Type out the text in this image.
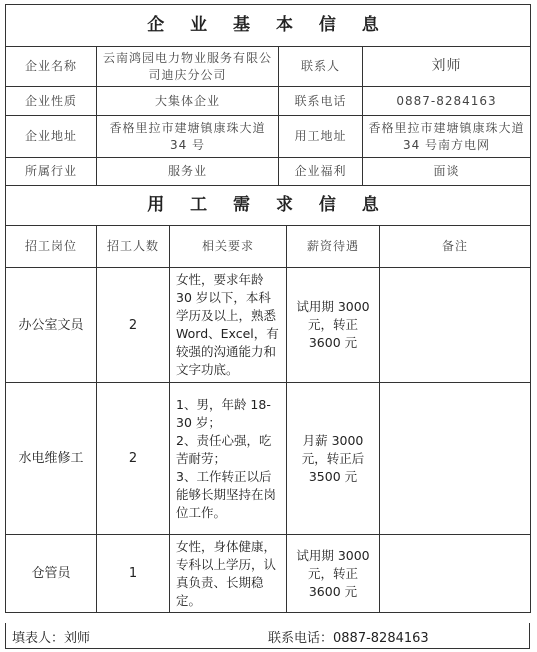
企 业 基 本 信 息			
企业名称	云南鸿园电力物业服务有限公司迪庆分公司	联系人	刘师
企业性质	大集体企业	联系电话	0887-8284163
企业地址	香格里拉市建塘镇康珠大道 34 号	用工地址	香格里拉市建塘镇康珠大道 34 号南方电网
所属行业	服务业	企业福利	面谈
用 工 需 求 信 息			
招工岗位	招工人数	相关要求	薪资待遇	备注
办公室文员	2	女性，要求年龄 30 岁以下，本科学历及以上，熟悉 Word、Excel，有较强的沟通能力和文字功底。	试用期 3000 元，转正 3600 元	
水电维修工	2	1、男，年龄 18-30 岁；
2、责任心强，吃苦耐劳；
3、工作转正以后能够长期坚持在岗位工作。	月薪 3000 元，转正后 3500 元	
仓管员	1	女性，身体健康，专科以上学历，认真负责、长期稳定。	试用期 3000 元，转正 3600 元	
填表人：刘师	联系电话：0887-8284163
